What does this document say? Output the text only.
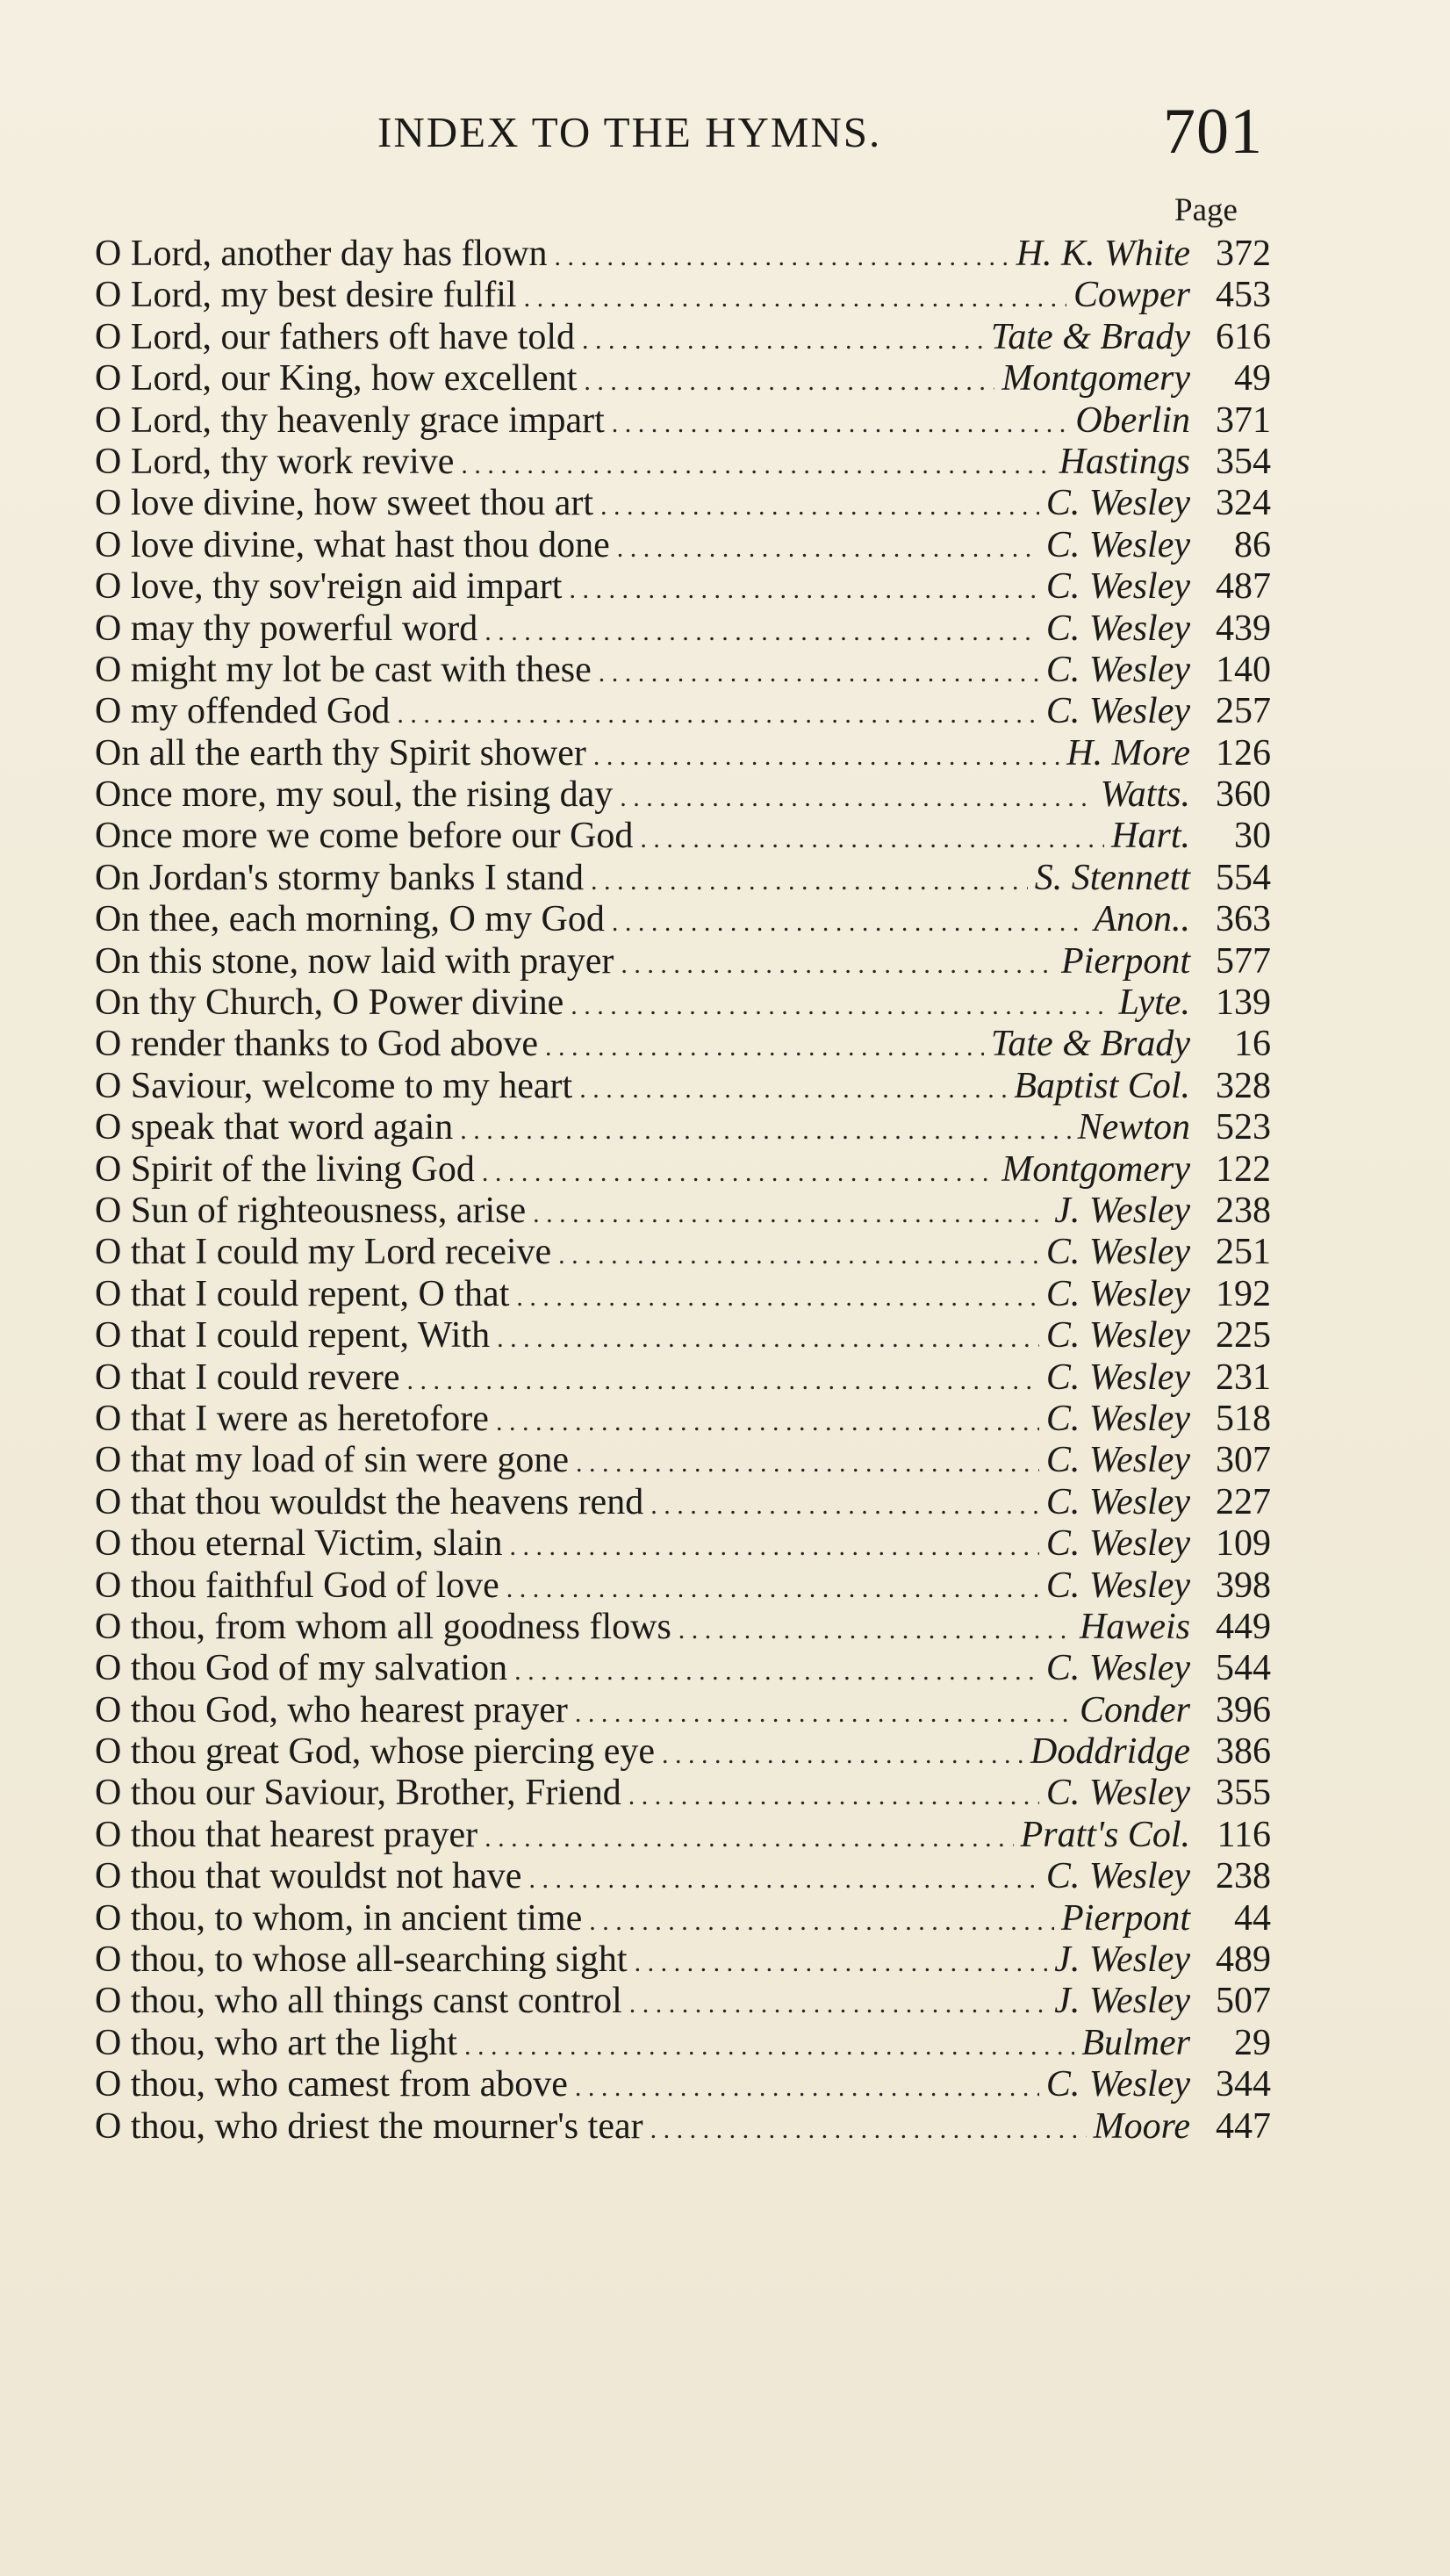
INDEX TO THE HYMNS.	701
Page
O Lord, another day has flown . . .	H. K. White 372
O Lord, my best desire fulfil . . .	Cowper 453
O Lord, our fathers oft have told . . .	Tate & Brady 616
O Lord, our King, how excellent . . .	Montgomery	49
O Lord, thy heavenly grace impart . . .	Oberlin 371
O Lord, thy work revive . . .	Hastings 354
O love divine, how sweet thou art . . .	C. Wesley 324
O love divine, what hast thou done . . .	C. Wesley	86
O love, thy sov'reign aid impart . . .	C. Wesley 487
O may thy powerful word . . .	C. Wesley 439
O might my lot be cast with these . . .	C. Wesley 140
O my offended God . . .	C. Wesley 257
On all the earth thy Spirit shower . . .	H. More 126
Once more, my soul, the rising day . . .	Watts. 360
Once more we come before our God . . .	Hart.	30
On Jordan's stormy banks I stand . . .	S. Stennett 554
On thee, each morning, O my God . . .	Anon.. 363
On this stone, now laid with prayer . . .	Pierpont 577
On thy Church, O Power divine . . .	Lyte. 139
O render thanks to God above . . .	Tate & Brady	16
O Saviour, welcome to my heart . . .	Baptist Col. 328
O speak that word again . . .	Newton 523
O Spirit of the living God . . .	Montgomery 122
O Sun of righteousness, arise . . .	J. Wesley 238
O that I could my Lord receive . . .	C. Wesley 251
O that I could repent, O that . . .	C. Wesley 192
O that I could repent, With . . .	C. Wesley 225
O that I could revere . . .	C. Wesley 231
O that I were as heretofore . . .	C. Wesley 518
O that my load of sin were gone . . .	C. Wesley 307
O that thou wouldst the heavens rend . . .	C. Wesley 227
O thou eternal Victim, slain . . .	C. Wesley 109
O thou faithful God of love . . .	C. Wesley 398
O thou, from whom all goodness flows . . .	Haweis 449
O thou God of my salvation . . .	C. Wesley 544
O thou God, who hearest prayer . . .	Conder 396
O thou great God, whose piercing eye . . .	Doddridge 386
O thou our Saviour, Brother, Friend . . .	C. Wesley 355
O thou that hearest prayer . . .	Pratt's Col. 116
O thou that wouldst not have . . .	C. Wesley 238
O thou, to whom, in ancient time . . .	Pierpont	44
O thou, to whose all-searching sight . . .	J. Wesley 489
O thou, who all things canst control . . .	J. Wesley 507
O thou, who art the light . . .	Bulmer	29
O thou, who camest from above . . .	C. Wesley 344
O thou, who driest the mourner's tear . . .	Moore 447
